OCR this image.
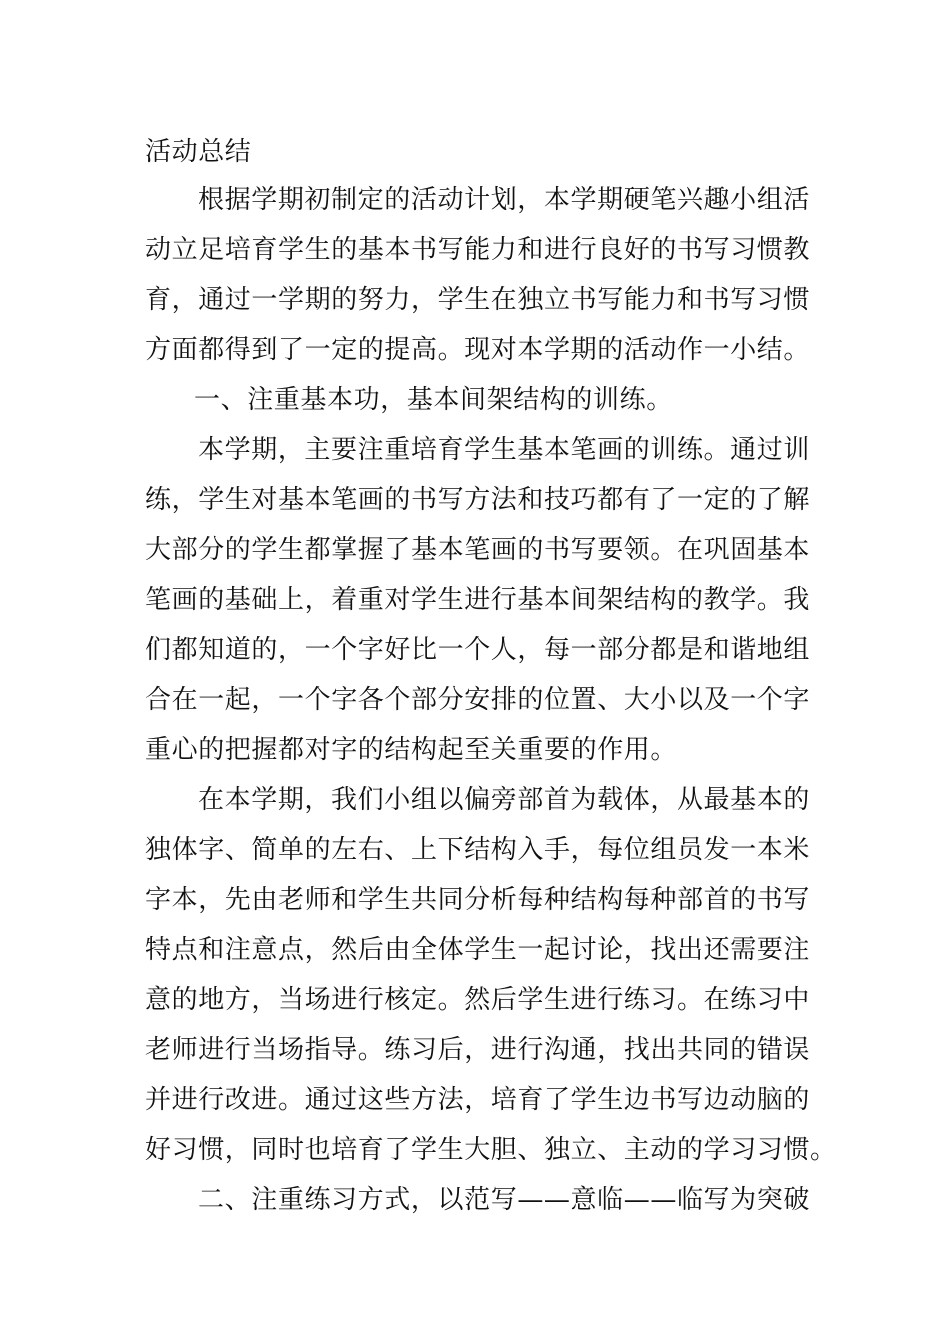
活动总结
根据学期初制定的活动计划，本学期硬笔兴趣小组活
动立足培育学生的基本书写能力和进行良好的书写习惯教
育，通过一学期的努力，学生在独立书写能力和书写习惯
方面都得到了一定的提高。现对本学期的活动作一小结。
一、注重基本功，基本间架结构的训练。
本学期，主要注重培育学生基本笔画的训练。通过训
练，学生对基本笔画的书写方法和技巧都有了一定的了解
大部分的学生都掌握了基本笔画的书写要领。在巩固基本
笔画的基础上，着重对学生进行基本间架结构的教学。我
们都知道的，一个字好比一个人，每一部分都是和谐地组
合在一起，一个字各个部分安排的位置、大小以及一个字
重心的把握都对字的结构起至关重要的作用。
在本学期，我们小组以偏旁部首为载体，从最基本的
独体字、简单的左右、上下结构入手，每位组员发一本米
字本，先由老师和学生共同分析每种结构每种部首的书写
特点和注意点，然后由全体学生一起讨论，找出还需要注
意的地方，当场进行核定。然后学生进行练习。在练习中
老师进行当场指导。练习后，进行沟通，找出共同的错误
并进行改进。通过这些方法，培育了学生边书写边动脑的
好习惯，同时也培育了学生大胆、独立、主动的学习习惯。
二、注重练习方式，以范写——意临——临写为突破
